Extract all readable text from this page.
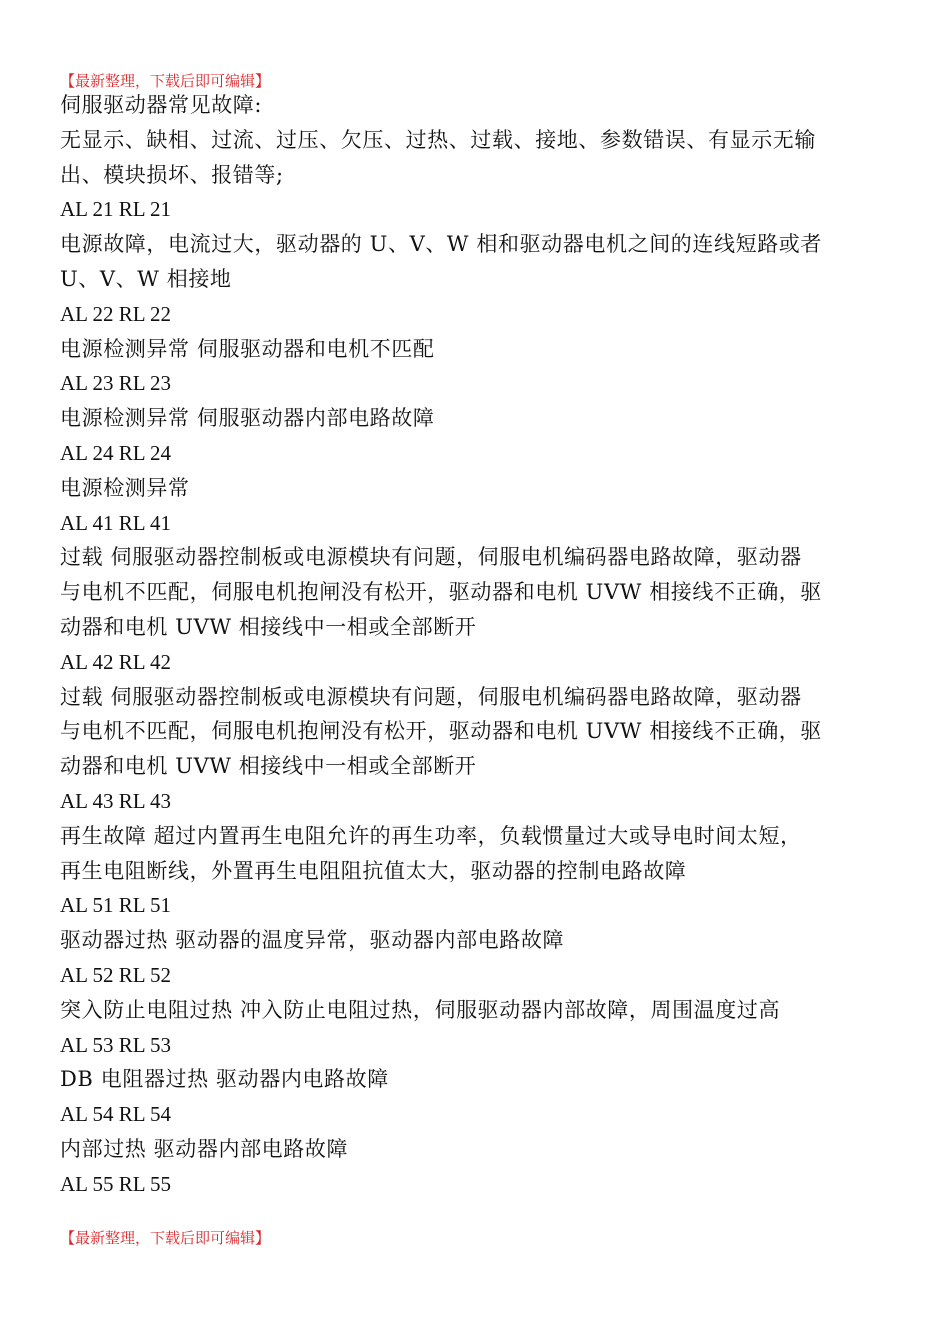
【最新整理，下载后即可编辑】
伺服驱动器常见故障:
无显示、缺相、过流、过压、欠压、过热、过载、接地、参数错误、有显示无输
出、模块损坏、报错等;
AL 21 RL 21
电源故障，电流过大，驱动器的 U、V、W 相和驱动器电机之间的连线短路或者
U、V、W 相接地
AL 22 RL 22
电源检测异常 伺服驱动器和电机不匹配
AL 23 RL 23
电源检测异常 伺服驱动器内部电路故障
AL 24 RL 24
电源检测异常
AL 41 RL 41
过载 伺服驱动器控制板或电源模块有问题，伺服电机编码器电路故障，驱动器
与电机不匹配，伺服电机抱闸没有松开，驱动器和电机 UVW 相接线不正确，驱
动器和电机 UVW 相接线中一相或全部断开
AL 42 RL 42
过载 伺服驱动器控制板或电源模块有问题，伺服电机编码器电路故障，驱动器
与电机不匹配，伺服电机抱闸没有松开，驱动器和电机 UVW 相接线不正确，驱
动器和电机 UVW 相接线中一相或全部断开
AL 43 RL 43
再生故障 超过内置再生电阻允许的再生功率，负载惯量过大或导电时间太短，
再生电阻断线，外置再生电阻阻抗值太大，驱动器的控制电路故障
AL 51 RL 51
驱动器过热 驱动器的温度异常，驱动器内部电路故障
AL 52 RL 52
突入防止电阻过热 冲入防止电阻过热，伺服驱动器内部故障，周围温度过高
AL 53 RL 53
DB 电阻器过热 驱动器内电路故障
AL 54 RL 54
内部过热 驱动器内部电路故障
AL 55 RL 55
【最新整理，下载后即可编辑】
